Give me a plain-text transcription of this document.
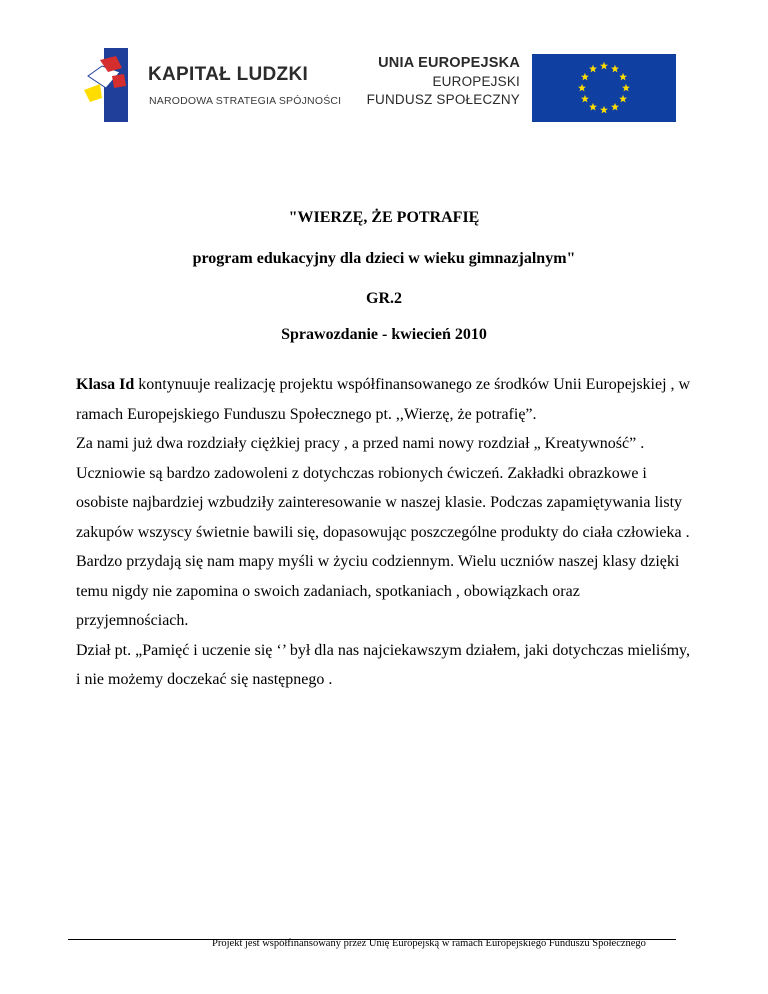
KAPITAŁ LUDZKI
NARODOWA STRATEGIA SPÓJNOŚCI
UNIA EUROPEJSKA
EUROPEJSKI
FUNDUSZ SPOŁECZNY

"WIERZĘ, ŻE POTRAFIĘ

program edukacyjny dla dzieci w wieku gimnazjalnym"

GR.2

Sprawozdanie - kwiecień 2010

Klasa Id kontynuuje realizację projektu współfinansowanego ze środków Unii Europejskiej , w ramach Europejskiego Funduszu Społecznego pt. ,,Wierzę, że potrafię”.

Za nami już dwa rozdziały ciężkiej pracy , a przed nami nowy rozdział „ Kreatywność” . Uczniowie są bardzo zadowoleni z dotychczas robionych ćwiczeń. Zakładki obrazkowe i osobiste najbardziej wzbudziły zainteresowanie w naszej klasie. Podczas zapamiętywania listy zakupów wszyscy świetnie bawili się, dopasowując poszczególne produkty do ciała człowieka .

Bardzo przydają się nam mapy myśli w życiu codziennym. Wielu uczniów naszej klasy dzięki temu nigdy nie zapomina o swoich zadaniach, spotkaniach , obowiązkach oraz przyjemnościach.

Dział pt. „Pamięć i uczenie się ‘’ był dla nas najciekawszym działem, jaki dotychczas mieliśmy, i nie możemy doczekać się następnego .

Projekt jest współfinansowany przez Unię Europejską w ramach Europejskiego Funduszu Społecznego
